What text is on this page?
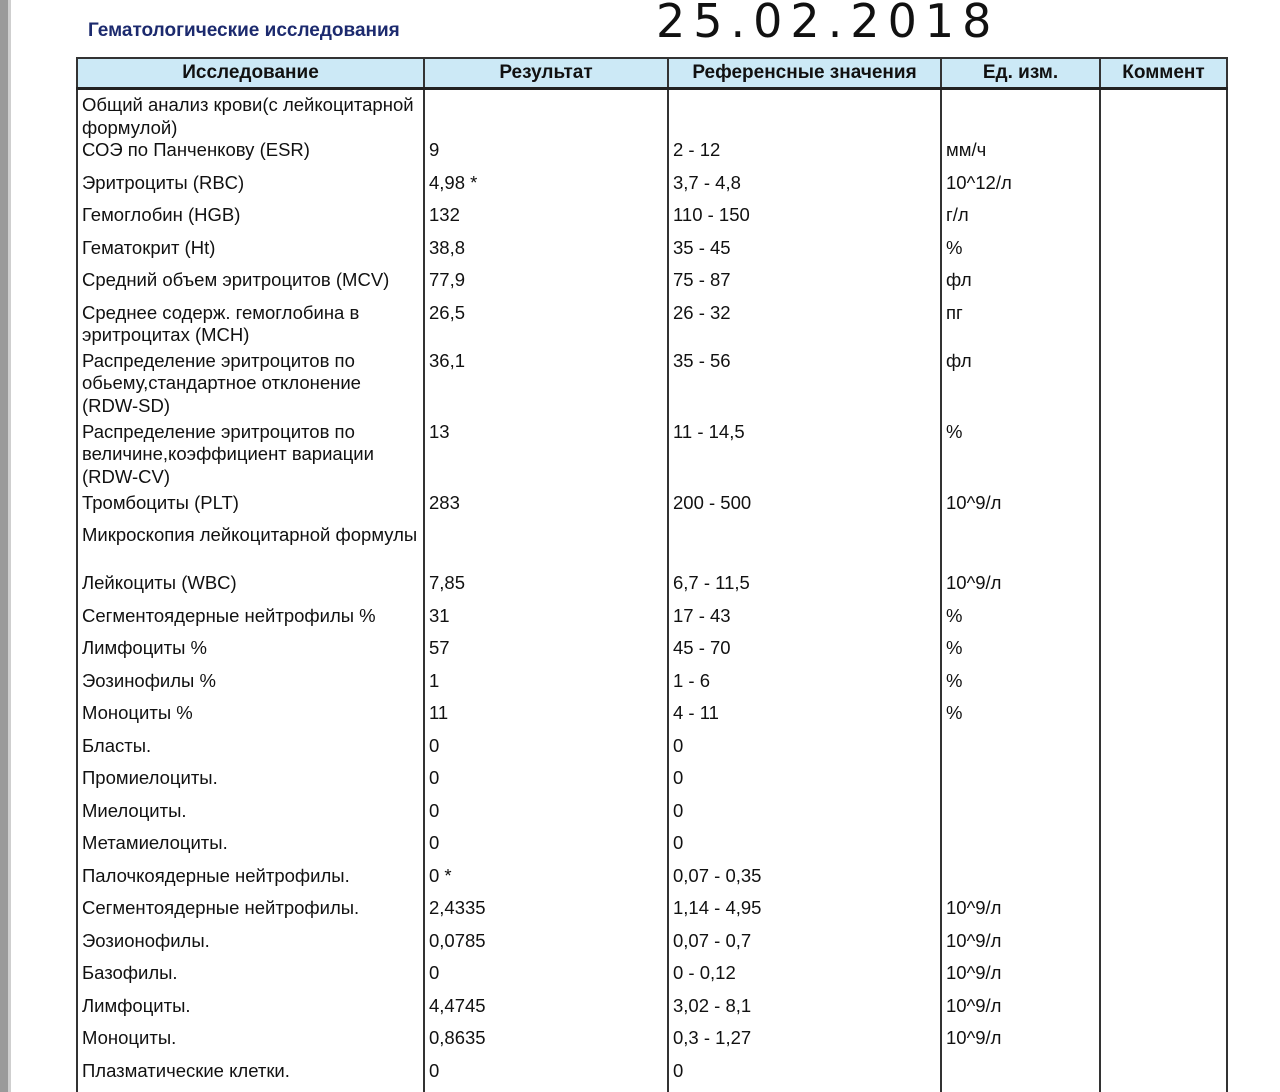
Гематологические исследования	25.02.2018
Исследование	Результат	Референсные значения	Ед. изм.	Коммент
Общий анализ крови(с лейкоцитарной формулой)				
СОЭ по Панченкову (ESR)	9	2 - 12	мм/ч	
Эритроциты (RBC)	4,98 *	3,7 - 4,8	10^12/л	
Гемоглобин (HGB)	132	110 - 150	г/л	
Гематокрит (Ht)	38,8	35 - 45	%	
Средний объем эритроцитов (MCV)	77,9	75 - 87	фл	
Среднее содерж. гемоглобина в эритроцитах (MCH)	26,5	26 - 32	пг	
Распределение эритроцитов по обьему,стандартное отклонение (RDW-SD)	36,1	35 - 56	фл	
Распределение эритроцитов по величине,коэффициент вариации (RDW-CV)	13	11 - 14,5	%	
Тромбоциты (PLT)	283	200 - 500	10^9/л	
Микроскопия лейкоцитарной формулы				
Лейкоциты (WBC)	7,85	6,7 - 11,5	10^9/л	
Сегментоядерные нейтрофилы %	31	17 - 43	%	
Лимфоциты %	57	45 - 70	%	
Эозинофилы %	1	1 - 6	%	
Моноциты %	11	4 - 11	%	
Бласты.	0	0		
Промиелоциты.	0	0		
Миелоциты.	0	0		
Метамиелоциты.	0	0		
Палочкоядерные нейтрофилы.	0 *	0,07 - 0,35		
Сегментоядерные нейтрофилы.	2,4335	1,14 - 4,95	10^9/л	
Эозионофилы.	0,0785	0,07 - 0,7	10^9/л	
Базофилы.	0	0 - 0,12	10^9/л	
Лимфоциты.	4,4745	3,02 - 8,1	10^9/л	
Моноциты.	0,8635	0,3 - 1,27	10^9/л	
Плазматические клетки.	0	0		
